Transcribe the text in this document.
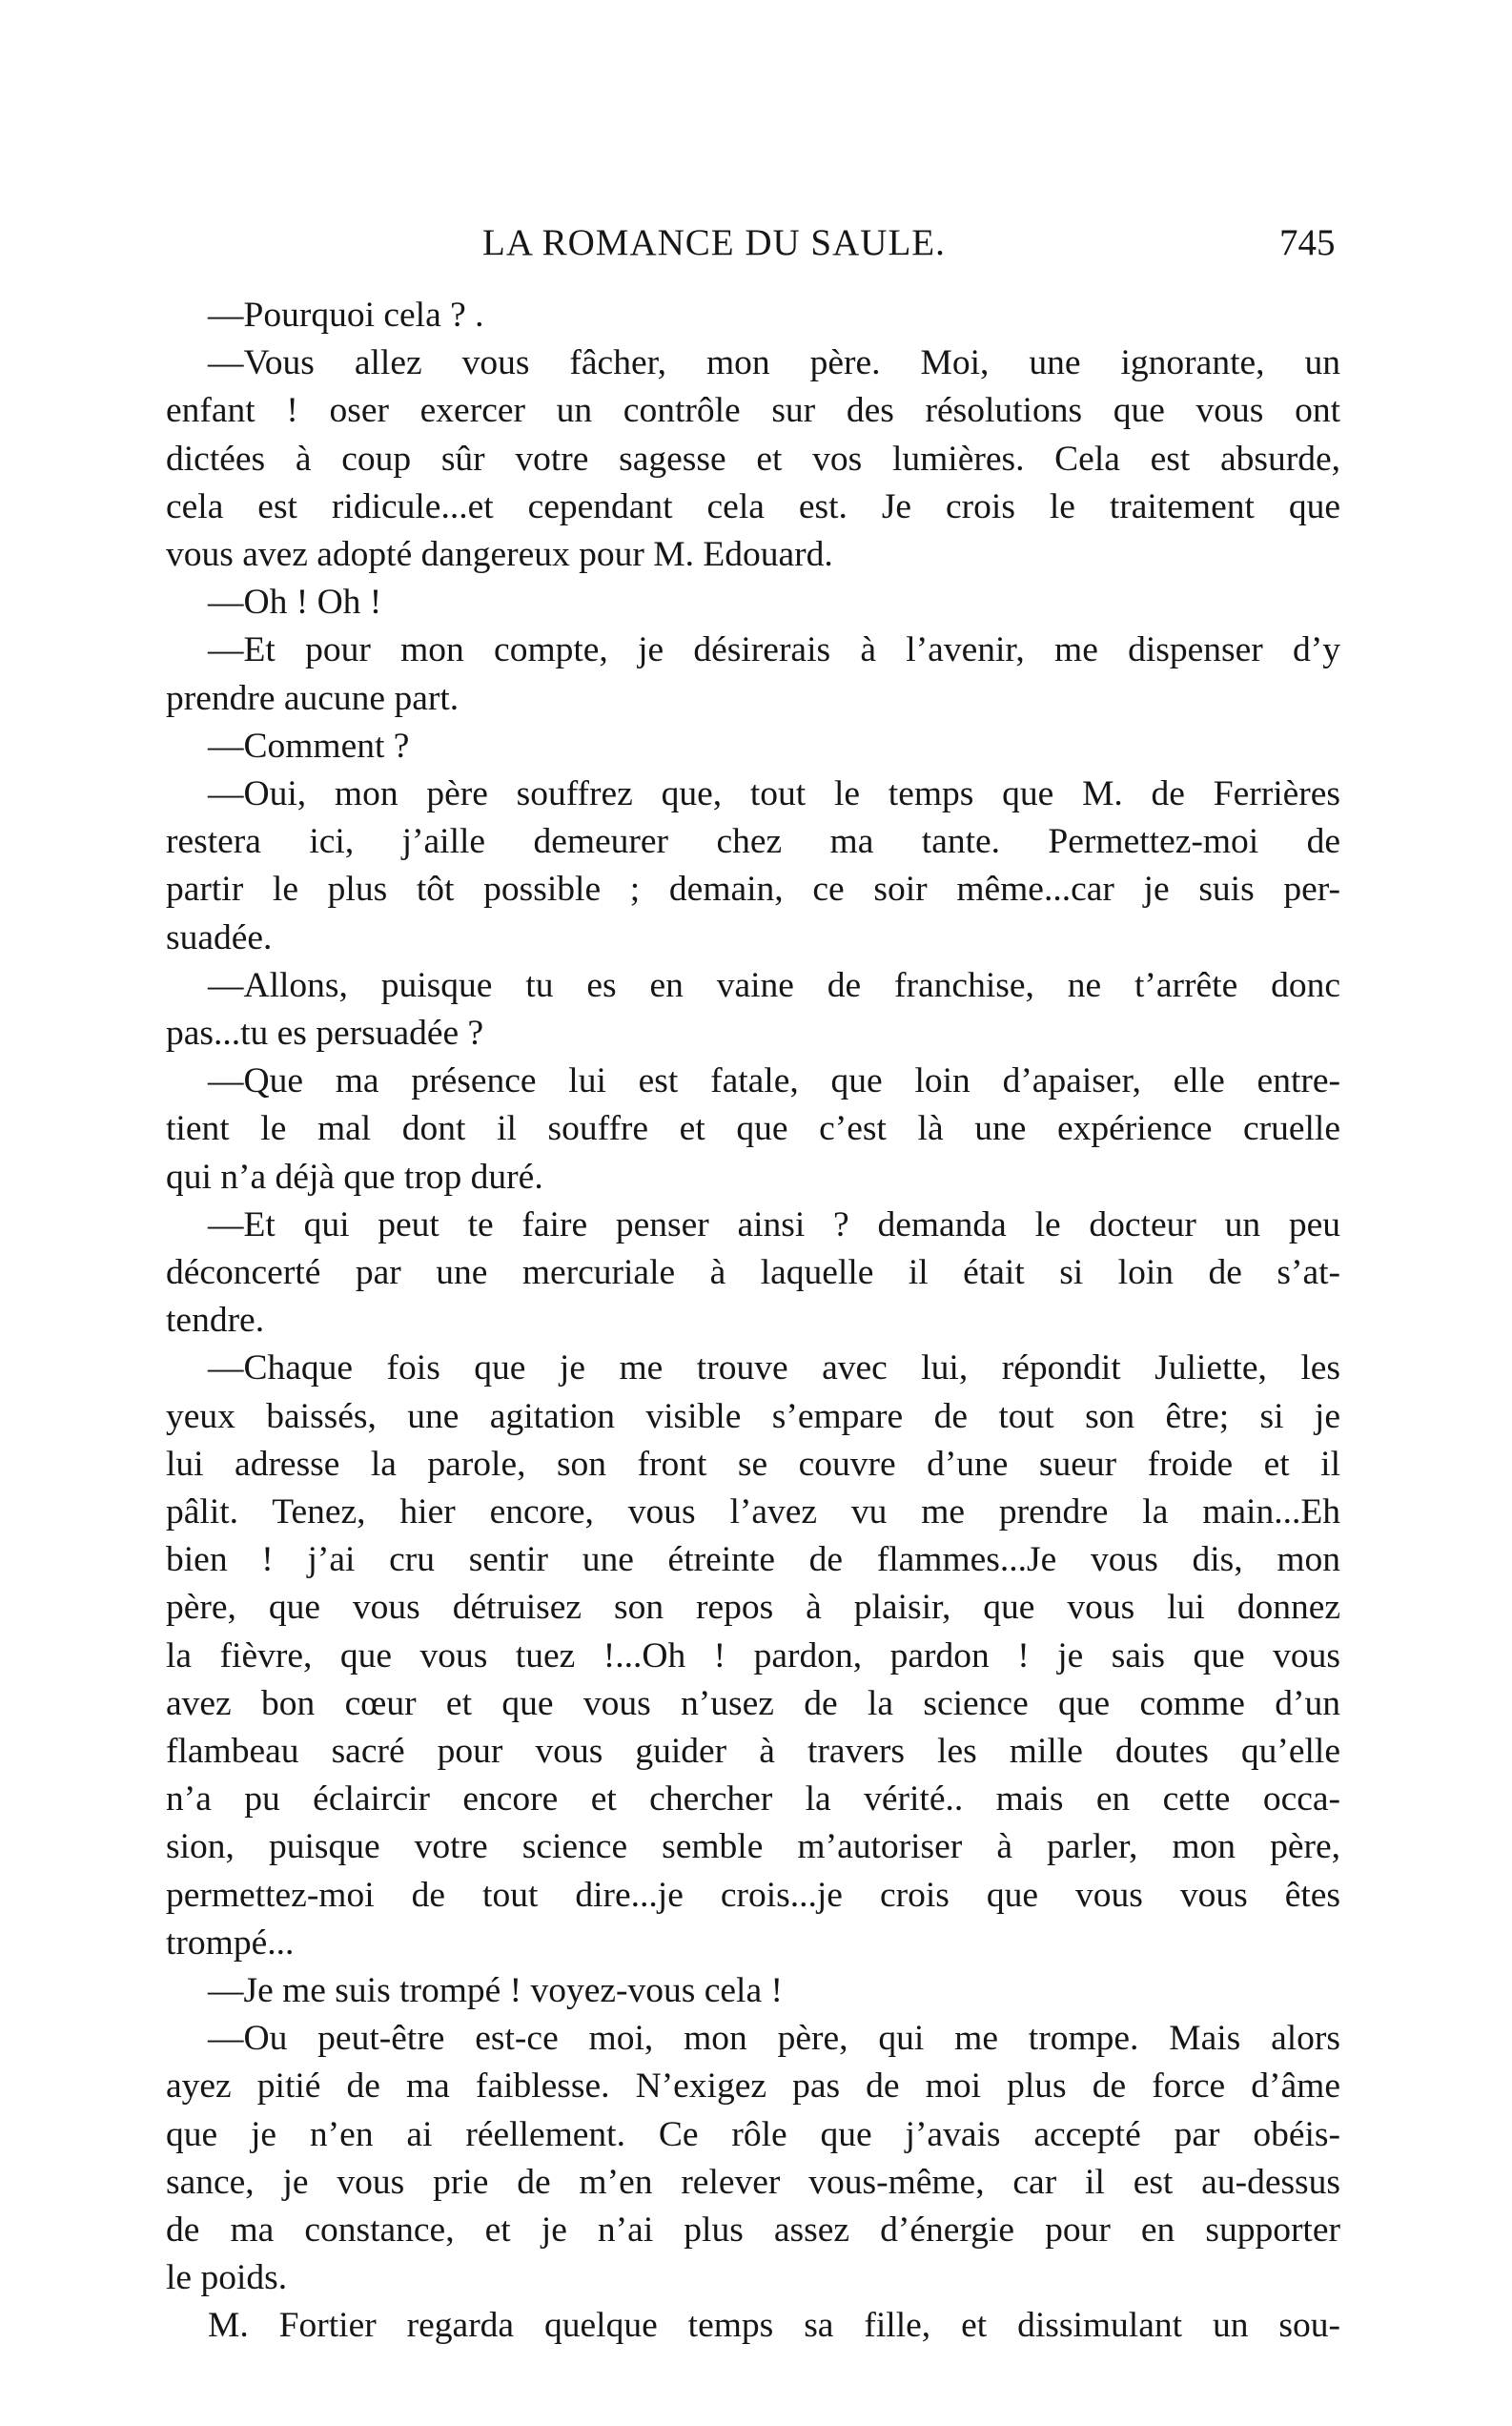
LA ROMANCE DU SAULE.	745
—Pourquoi cela ? .
—Vous allez vous fâcher, mon père. Moi, une ignorante, un
enfant ! oser exercer un contrôle sur des résolutions que vous ont
dictées à coup sûr votre sagesse et vos lumières. Cela est absurde,
cela est ridicule...et cependant cela est. Je crois le traitement que
vous avez adopté dangereux pour M. Edouard.
—Oh ! Oh !
—Et pour mon compte, je désirerais à l’avenir, me dispenser d’y
prendre aucune part.
—Comment ?
—Oui, mon père souffrez que, tout le temps que M. de Ferrières
restera ici, j’aille demeurer chez ma tante. Permettez-moi de
partir le plus tôt possible ; demain, ce soir même...car je suis per-
suadée.
—Allons, puisque tu es en vaine de franchise, ne t’arrête donc
pas...tu es persuadée ?
—Que ma présence lui est fatale, que loin d’apaiser, elle entre-
tient le mal dont il souffre et que c’est là une expérience cruelle
qui n’a déjà que trop duré.
—Et qui peut te faire penser ainsi ? demanda le docteur un peu
déconcerté par une mercuriale à laquelle il était si loin de s’at-
tendre.
—Chaque fois que je me trouve avec lui, répondit Juliette, les
yeux baissés, une agitation visible s’empare de tout son être; si je
lui adresse la parole, son front se couvre d’une sueur froide et il
pâlit. Tenez, hier encore, vous l’avez vu me prendre la main...Eh
bien ! j’ai cru sentir une étreinte de flammes...Je vous dis, mon
père, que vous détruisez son repos à plaisir, que vous lui donnez
la fièvre, que vous tuez !...Oh ! pardon, pardon ! je sais que vous
avez bon cœur et que vous n’usez de la science que comme d’un
flambeau sacré pour vous guider à travers les mille doutes qu’elle
n’a pu éclaircir encore et chercher la vérité.. mais en cette occa-
sion, puisque votre science semble m’autoriser à parler, mon père,
permettez-moi de tout dire...je crois...je crois que vous vous êtes
trompé...
—Je me suis trompé ! voyez-vous cela !
—Ou peut-être est-ce moi, mon père, qui me trompe. Mais alors
ayez pitié de ma faiblesse. N’exigez pas de moi plus de force d’âme
que je n’en ai réellement. Ce rôle que j’avais accepté par obéis-
sance, je vous prie de m’en relever vous-même, car il est au-dessus
de ma constance, et je n’ai plus assez d’énergie pour en supporter
le poids.
M. Fortier regarda quelque temps sa fille, et dissimulant un sou-
